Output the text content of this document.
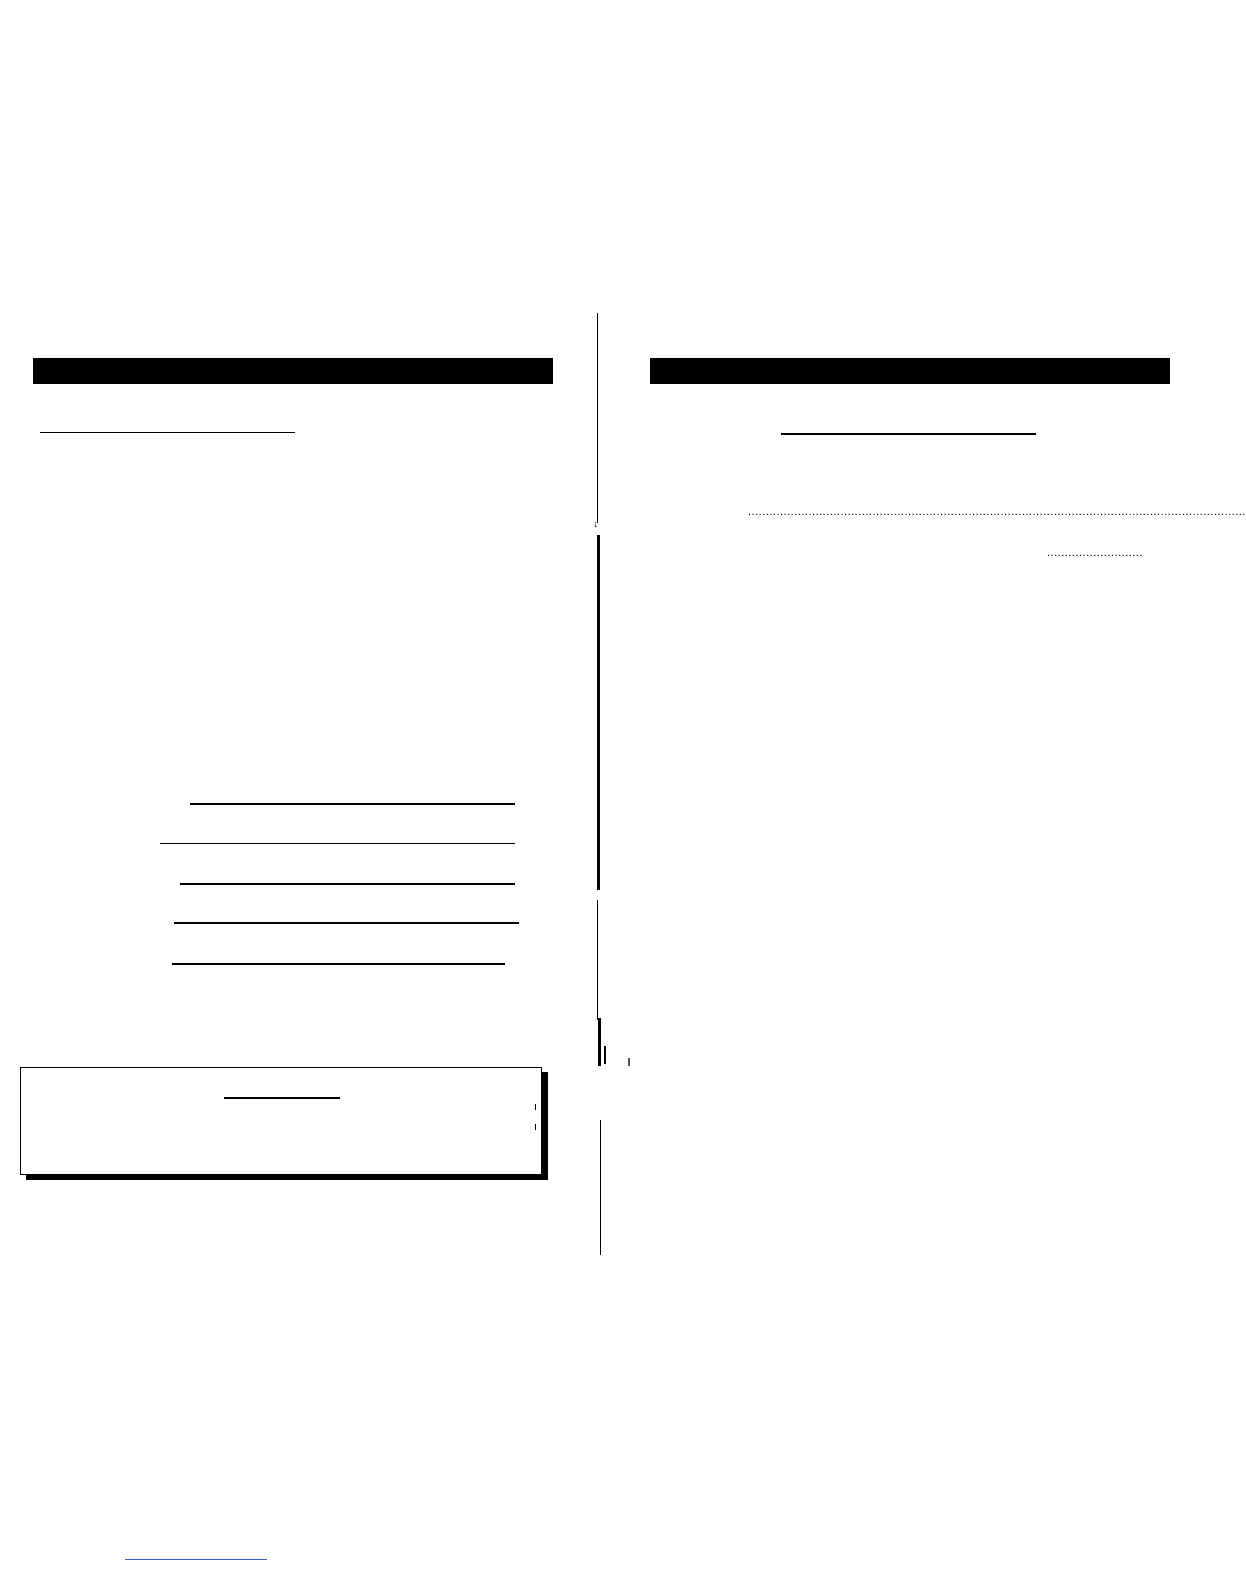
↓
............................................................................................................................................
...........................
